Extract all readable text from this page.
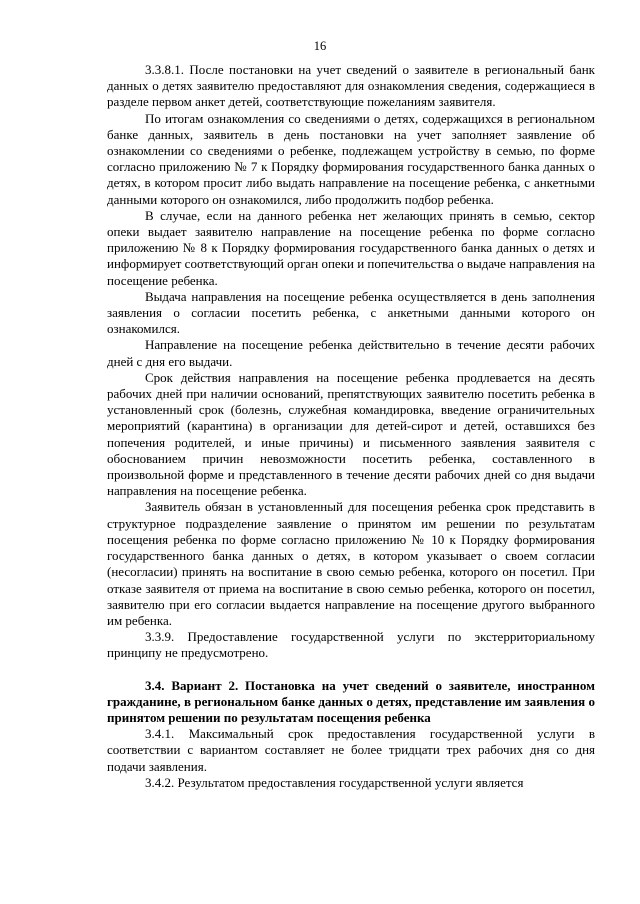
16

3.3.8.1. После постановки на учет сведений о заявителе в региональный банк данных о детях заявителю предоставляют для ознакомления сведения, содержащиеся в разделе первом анкет детей, соответствующие пожеланиям заявителя.

По итогам ознакомления со сведениями о детях, содержащихся в региональном банке данных, заявитель в день постановки на учет заполняет заявление об ознакомлении со сведениями о ребенке, подлежащем устройству в семью, по форме согласно приложению № 7 к Порядку формирования государственного банка данных о детях, в котором просит либо выдать направление на посещение ребенка, с анкетными данными которого он ознакомился, либо продолжить подбор ребенка.

В случае, если на данного ребенка нет желающих принять в семью, сектор опеки выдает заявителю направление на посещение ребенка по форме согласно приложению № 8 к Порядку формирования государственного банка данных о детях и информирует соответствующий орган опеки и попечительства о выдаче направления на посещение ребенка.

Выдача направления на посещение ребенка осуществляется в день заполнения заявления о согласии посетить ребенка, с анкетными данными которого он ознакомился.

Направление на посещение ребенка действительно в течение десяти рабочих дней с дня его выдачи.

Срок действия направления на посещение ребенка продлевается на десять рабочих дней при наличии оснований, препятствующих заявителю посетить ребенка в установленный срок (болезнь, служебная командировка, введение ограничительных мероприятий (карантина) в организации для детей-сирот и детей, оставшихся без попечения родителей, и иные причины) и письменного заявления заявителя с обоснованием причин невозможности посетить ребенка, составленного в произвольной форме и представленного в течение десяти рабочих дней со дня выдачи направления на посещение ребенка.

Заявитель обязан в установленный для посещения ребенка срок представить в структурное подразделение заявление о принятом им решении по результатам посещения ребенка по форме согласно приложению № 10 к Порядку формирования государственного банка данных о детях, в котором указывает о своем согласии (несогласии) принять на воспитание в свою семью ребенка, которого он посетил. При отказе заявителя от приема на воспитание в свою семью ребенка, которого он посетил, заявителю при его согласии выдается направление на посещение другого выбранного им ребенка.

3.3.9. Предоставление государственной услуги по экстерриториальному принципу не предусмотрено.

3.4. Вариант 2. Постановка на учет сведений о заявителе, иностранном гражданине, в региональном банке данных о детях, представление им заявления о принятом решении по результатам посещения ребенка

3.4.1. Максимальный срок предоставления государственной услуги в соответствии с вариантом составляет не более тридцати трех рабочих дня со дня подачи заявления.

3.4.2. Результатом предоставления государственной услуги является
